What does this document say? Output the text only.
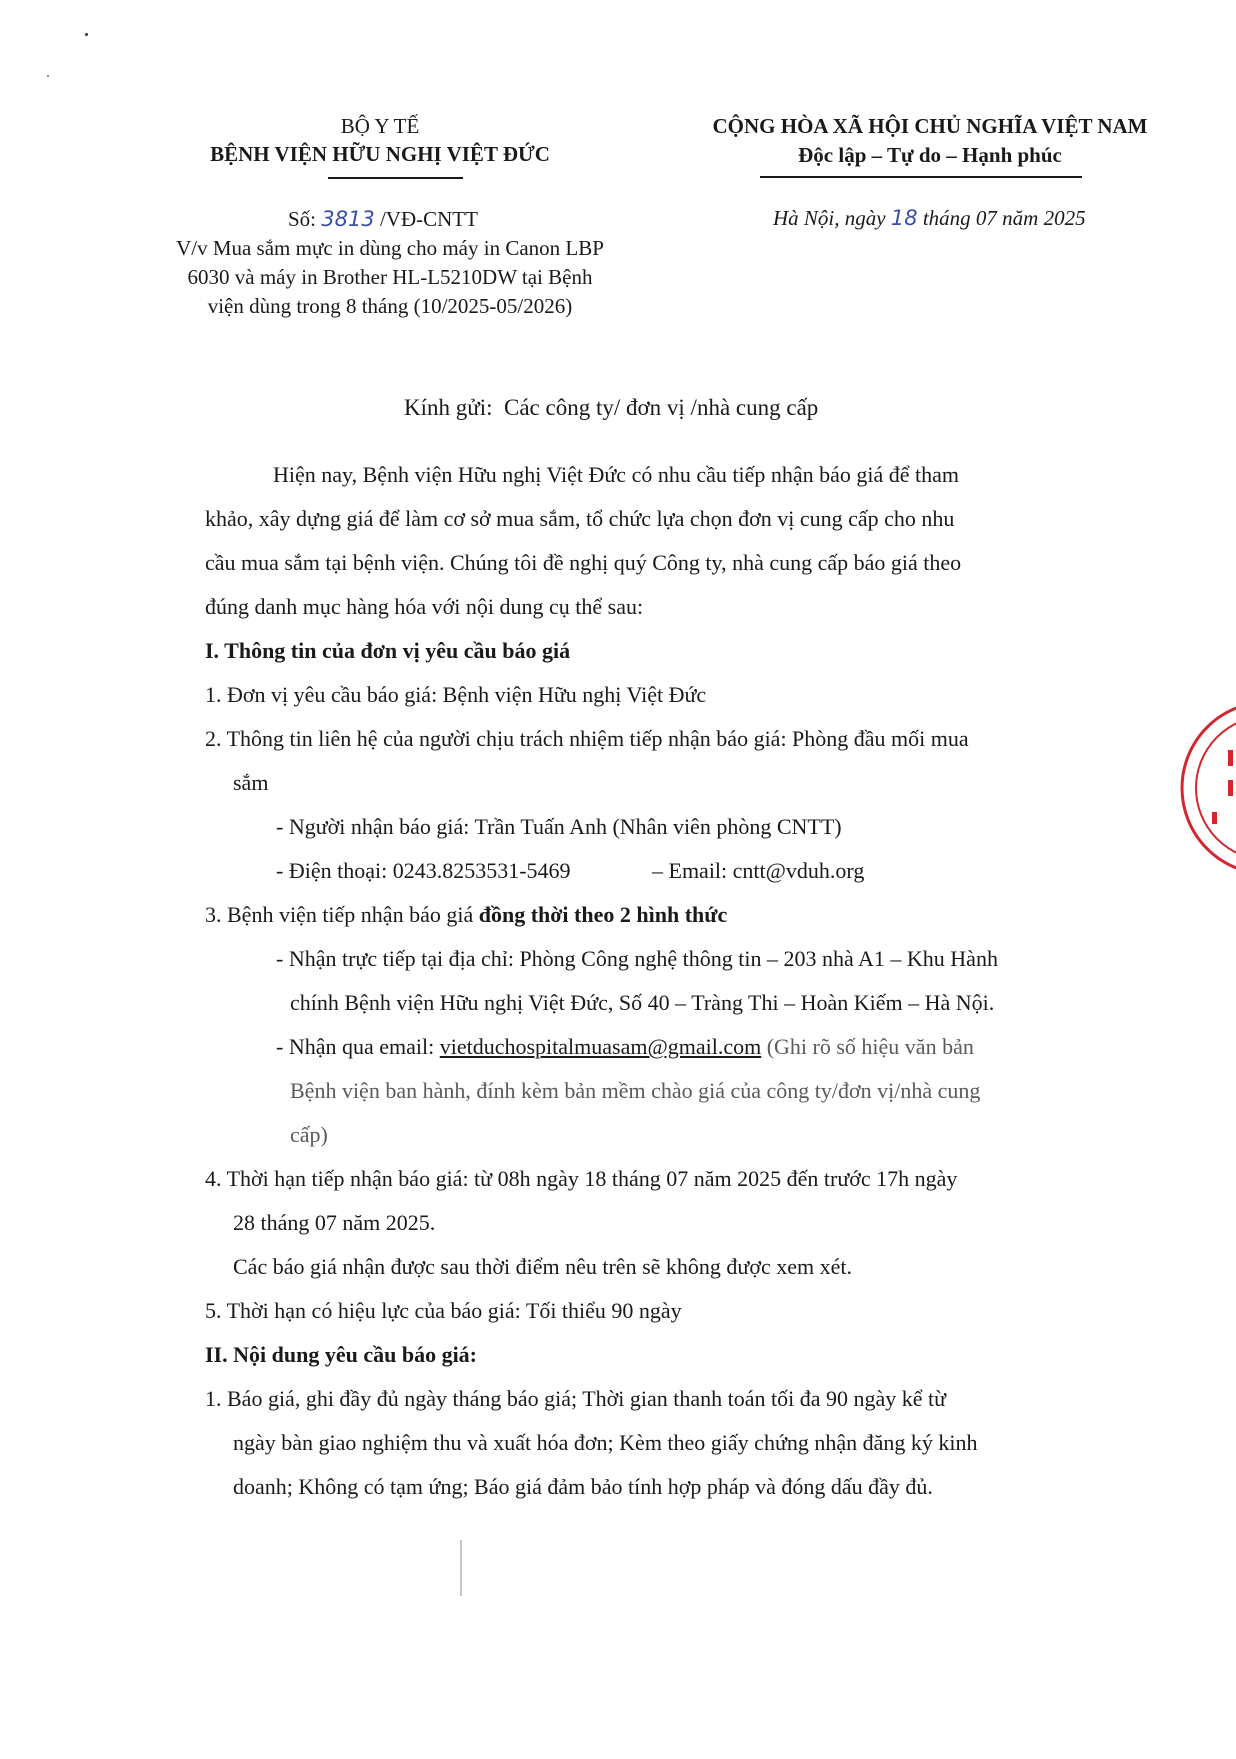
BỘ Y TẾ
BỆNH VIỆN HỮU NGHỊ VIỆT ĐỨC
Số: 3813 /VĐ-CNTT
V/v Mua sắm mực in dùng cho máy in Canon LBP
6030 và máy in Brother HL-L5210DW tại Bệnh
viện dùng trong 8 tháng (10/2025-05/2026)
CỘNG HÒA XÃ HỘI CHỦ NGHĨA VIỆT NAM
Độc lập – Tự do – Hạnh phúc
Hà Nội, ngày 18 tháng 07 năm 2025
Kính gửi: Các công ty/ đơn vị /nhà cung cấp
Hiện nay, Bệnh viện Hữu nghị Việt Đức có nhu cầu tiếp nhận báo giá để tham
khảo, xây dựng giá để làm cơ sở mua sắm, tổ chức lựa chọn đơn vị cung cấp cho nhu
cầu mua sắm tại bệnh viện. Chúng tôi đề nghị quý Công ty, nhà cung cấp báo giá theo
đúng danh mục hàng hóa với nội dung cụ thể sau:
I. Thông tin của đơn vị yêu cầu báo giá
1. Đơn vị yêu cầu báo giá: Bệnh viện Hữu nghị Việt Đức
2. Thông tin liên hệ của người chịu trách nhiệm tiếp nhận báo giá: Phòng đầu mối mua
sắm
- Người nhận báo giá: Trần Tuấn Anh (Nhân viên phòng CNTT)
- Điện thoại: 0243.8253531-5469	– Email: cntt@vduh.org
3. Bệnh viện tiếp nhận báo giá đồng thời theo 2 hình thức
- Nhận trực tiếp tại địa chỉ: Phòng Công nghệ thông tin – 203 nhà A1 – Khu Hành
chính Bệnh viện Hữu nghị Việt Đức, Số 40 – Tràng Thi – Hoàn Kiếm – Hà Nội.
- Nhận qua email: vietduchospitalmuasam@gmail.com (Ghi rõ số hiệu văn bản
Bệnh viện ban hành, đính kèm bản mềm chào giá của công ty/đơn vị/nhà cung
cấp)
4. Thời hạn tiếp nhận báo giá: từ 08h ngày 18 tháng 07 năm 2025 đến trước 17h ngày
28 tháng 07 năm 2025.
Các báo giá nhận được sau thời điểm nêu trên sẽ không được xem xét.
5. Thời hạn có hiệu lực của báo giá: Tối thiểu 90 ngày
II. Nội dung yêu cầu báo giá:
1. Báo giá, ghi đầy đủ ngày tháng báo giá; Thời gian thanh toán tối đa 90 ngày kể từ
ngày bàn giao nghiệm thu và xuất hóa đơn; Kèm theo giấy chứng nhận đăng ký kinh
doanh; Không có tạm ứng; Báo giá đảm bảo tính hợp pháp và đóng dấu đầy đủ.
